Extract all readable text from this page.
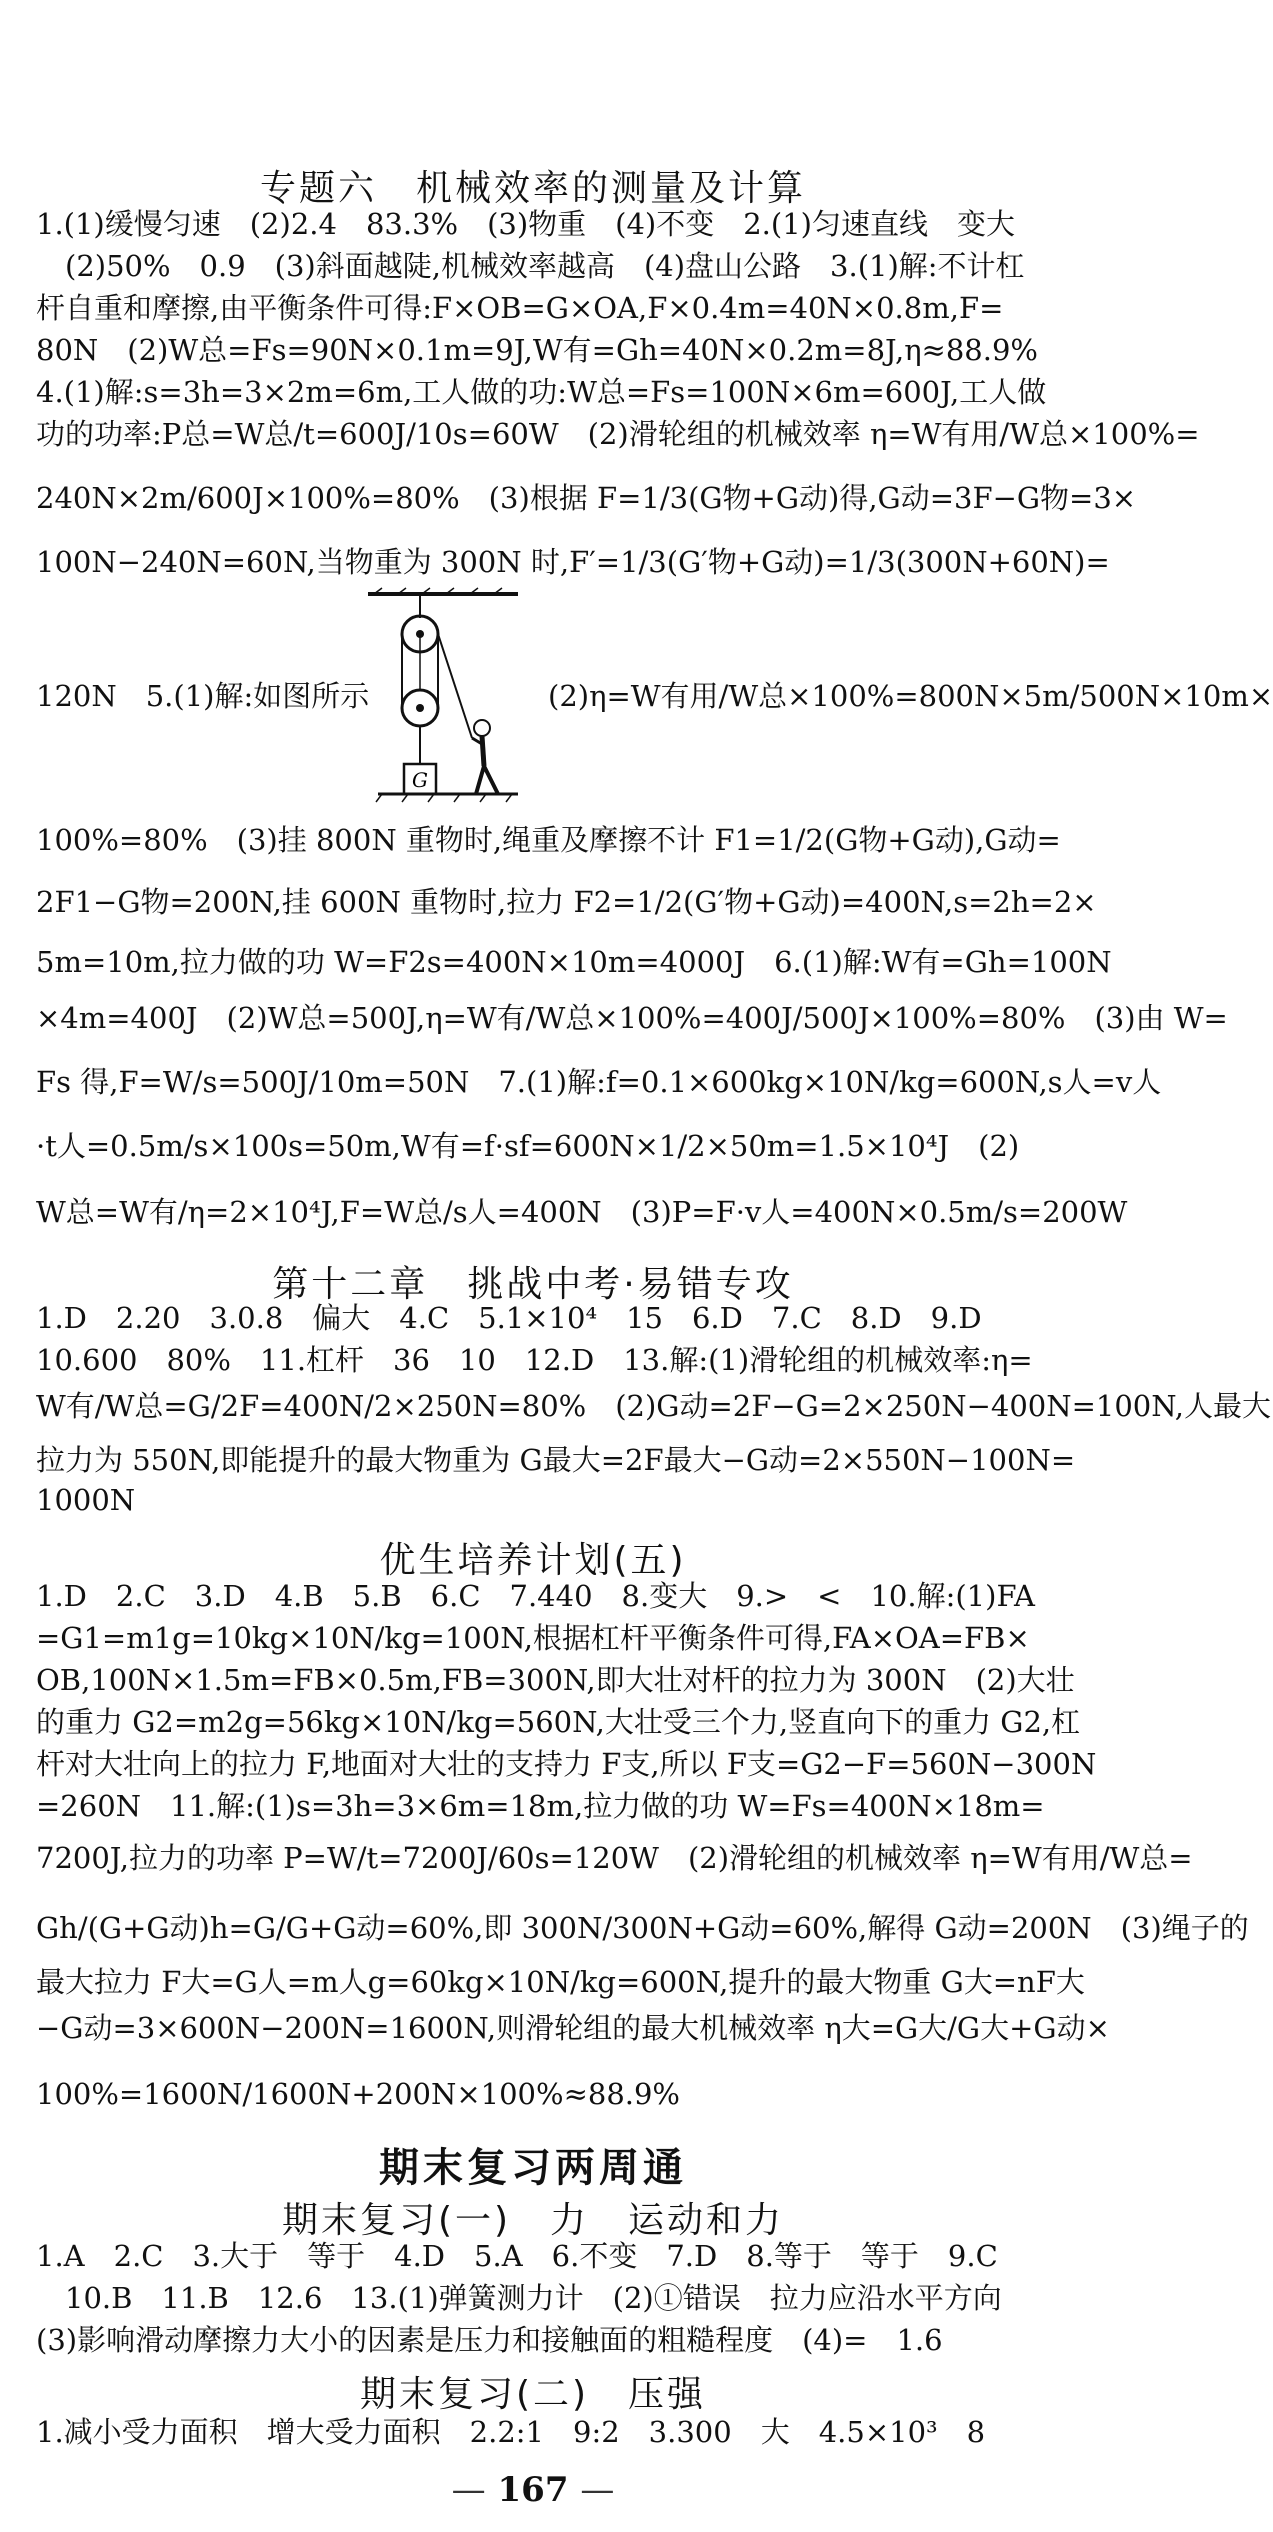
专题六　机械效率的测量及计算
1.(1)缓慢匀速　(2)2.4　83.3%　(3)物重　(4)不变　2.(1)匀速直线　变大
　(2)50%　0.9　(3)斜面越陡,机械效率越高　(4)盘山公路　3.(1)解:不计杠
杆自重和摩擦,由平衡条件可得:F×OB=G×OA,F×0.4m=40N×0.8m,F=
80N　(2)W总=Fs=90N×0.1m=9J,W有=Gh=40N×0.2m=8J,η≈88.9%
4.(1)解:s=3h=3×2m=6m,工人做的功:W总=Fs=100N×6m=600J,工人做
功的功率:P总=W总/t=600J/10s=60W　(2)滑轮组的机械效率 η=W有用/W总×100%=
240N×2m/600J×100%=80%　(3)根据 F=1/3(G物+G动)得,G动=3F−G物=3×
100N−240N=60N,当物重为 300N 时,F′=1/3(G′物+G动)=1/3(300N+60N)=
120N　5.(1)解:如图所示	(2)η=W有用/W总×100%=800N×5m/500N×10m×
G
100%=80%　(3)挂 800N 重物时,绳重及摩擦不计 F1=1/2(G物+G动),G动=
2F1−G物=200N,挂 600N 重物时,拉力 F2=1/2(G′物+G动)=400N,s=2h=2×
5m=10m,拉力做的功 W=F2s=400N×10m=4000J　6.(1)解:W有=Gh=100N
×4m=400J　(2)W总=500J,η=W有/W总×100%=400J/500J×100%=80%　(3)由 W=
Fs 得,F=W/s=500J/10m=50N　7.(1)解:f=0.1×600kg×10N/kg=600N,s人=v人
·t人=0.5m/s×100s=50m,W有=f·sf=600N×1/2×50m=1.5×10⁴J　(2)
W总=W有/η=2×10⁴J,F=W总/s人=400N　(3)P=F·v人=400N×0.5m/s=200W
第十二章　挑战中考·易错专攻
1.D　2.20　3.0.8　偏大　4.C　5.1×10⁴　15　6.D　7.C　8.D　9.D
10.600　80%　11.杠杆　36　10　12.D　13.解:(1)滑轮组的机械效率:η=
W有/W总=G/2F=400N/2×250N=80%　(2)G动=2F−G=2×250N−400N=100N,人最大
拉力为 550N,即能提升的最大物重为 G最大=2F最大−G动=2×550N−100N=
1000N
优生培养计划(五)
1.D　2.C　3.D　4.B　5.B　6.C　7.440　8.变大　9.>　<　10.解:(1)FA
=G1=m1g=10kg×10N/kg=100N,根据杠杆平衡条件可得,FA×OA=FB×
OB,100N×1.5m=FB×0.5m,FB=300N,即大壮对杆的拉力为 300N　(2)大壮
的重力 G2=m2g=56kg×10N/kg=560N,大壮受三个力,竖直向下的重力 G2,杠
杆对大壮向上的拉力 F,地面对大壮的支持力 F支,所以 F支=G2−F=560N−300N
=260N　11.解:(1)s=3h=3×6m=18m,拉力做的功 W=Fs=400N×18m=
7200J,拉力的功率 P=W/t=7200J/60s=120W　(2)滑轮组的机械效率 η=W有用/W总=
Gh/(G+G动)h=G/G+G动=60%,即 300N/300N+G动=60%,解得 G动=200N　(3)绳子的
最大拉力 F大=G人=m人g=60kg×10N/kg=600N,提升的最大物重 G大=nF大
−G动=3×600N−200N=1600N,则滑轮组的最大机械效率 η大=G大/G大+G动×
100%=1600N/1600N+200N×100%≈88.9%
期末复习两周通
期末复习(一)　力　运动和力
1.A　2.C　3.大于　等于　4.D　5.A　6.不变　7.D　8.等于　等于　9.C
　10.B　11.B　12.6　13.(1)弹簧测力计　(2)①错误　拉力应沿水平方向
(3)影响滑动摩擦力大小的因素是压力和接触面的粗糙程度　(4)=　1.6
期末复习(二)　压强
1.减小受力面积　增大受力面积　2.2:1　9:2　3.300　大　4.5×10³　8
— 167 —
